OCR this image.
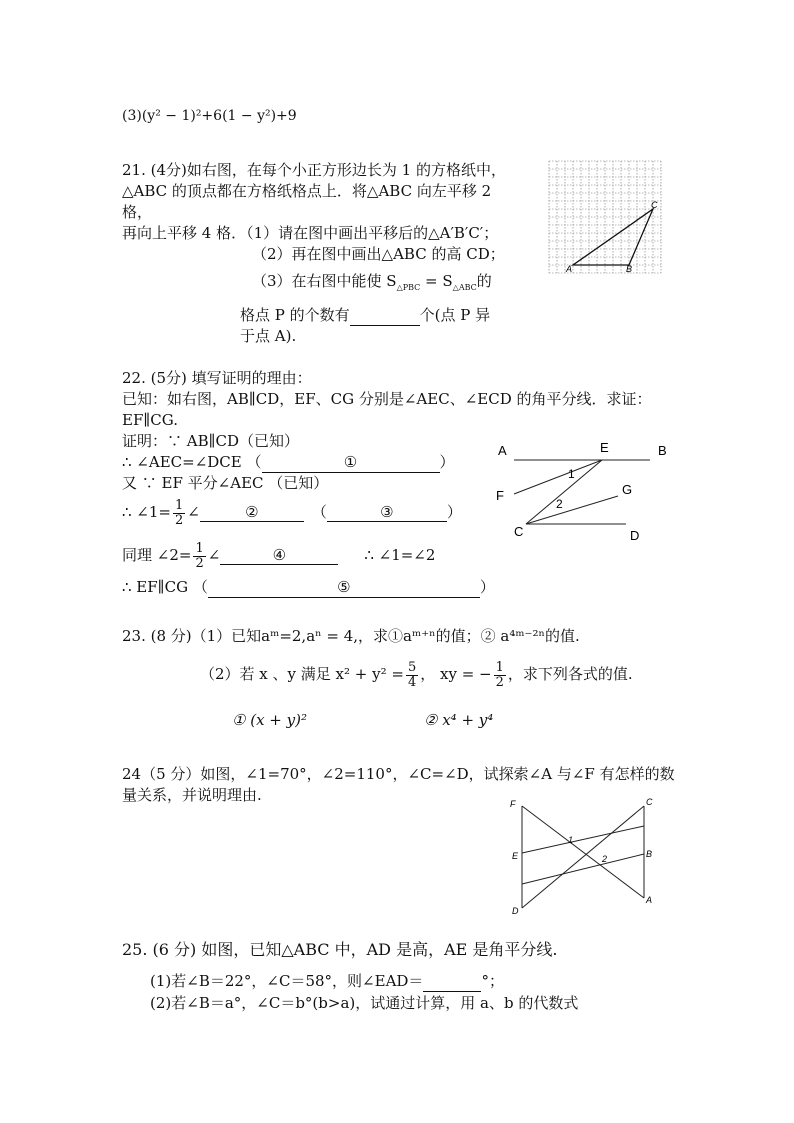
(3)(y² − 1)²+6(1 − y²)+9
21. (4分)如右图，在每个小正方形边长为 1 的方格纸中，
△ABC 的顶点都在方格纸格点上．将△ABC 向左平移 2
格，
再向上平移 4 格．（1）请在图中画出平移后的△A′B′C′；
（2）再在图中画出△ABC 的高 CD；
（3）在右图中能使 $S_{\triangle PBC} = S_{\triangle ABC}$的
格点 P 的个数有	个(点 P 异
于点 A).
A	B
C
22. (5分) 填写证明的理由：
已知：如右图，AB∥CD，EF、CG 分别是∠AEC、∠ECD 的角平分线．求证：
EF∥CG.
证明：∵ AB∥CD（已知）
∴ ∠AEC=∠DCE （	①	）
又 ∵ EF 平分∠AEC （已知）
∴ ∠1= $\frac{1}{2}$ ∠	②	（	③	）
同理 ∠2= $\frac{1}{2}$ ∠	④	∴ ∠1=∠2
∴ EF∥CG （	⑤	）
A	E	B
F	G
1
2
C	D
23. (8 分)（1）已知aᵐ=2,aⁿ = 4,，求①aᵐ⁺ⁿ的值；② a⁴ᵐ⁻²ⁿ的值.
（2）若 x 、y 满足 $x^2 + y^2 = \frac{5}{4}$ ， xy = − $\frac{1}{2}$ ，求下列各式的值.
① (x + y)²	② x⁴ + y⁴
24（5 分）如图，∠1=70°，∠2=110°，∠C=∠D，试探索∠A 与∠F 有怎样的数
量关系，并说明理由.	F	C
1
E	2	B
D
A
25. (6 分) 如图，已知△ABC 中，AD 是高，AE 是角平分线.
(1)若∠B＝22°，∠C＝58°，则∠EAD＝	°；
(2)若∠B＝a°，∠C＝b°(b>a)，试通过计算，用 a、b 的代数式
